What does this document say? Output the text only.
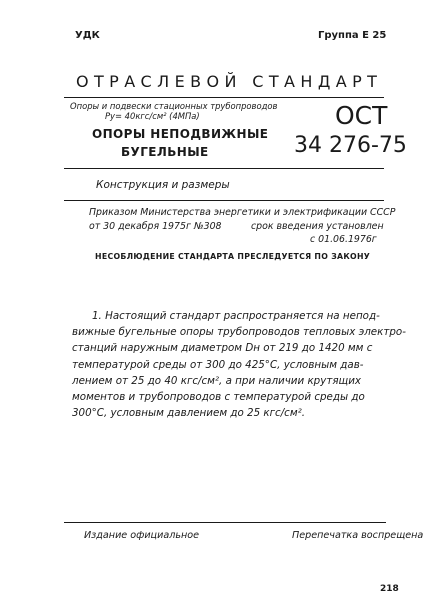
УДК	Группа Е 25
ОТРАСЛЕВОЙ СТАНДАРТ
Опоры и подвески стационных трубопроводов
Ру= 40кгс/см² (4МПа)
ОПОРЫ НЕПОДВИЖНЫЕ
БУГЕЛЬНЫЕ
ОСТ
34 276-75
Конструкция и размеры
Приказом Министерства энергетики и электрификации СССР
от 30 декабря 1975г №308	срок введения установлен
с 01.06.1976г
НЕСОБЛЮДЕНИЕ СТАНДАРТА ПРЕСЛЕДУЕТСЯ ПО ЗАКОНУ
1. Настоящий стандарт распространяется на непод-
вижные бугельные опоры трубопроводов тепловых электро-
станций наружным диаметром Dн от 219 до 1420 мм с
температурой среды от 300 до 425°С, условным дав-
лением от 25 до 40 кгс/см², а при наличии крутящих
моментов и трубопроводов с температурой среды до
300°С, условным давлением до 25 кгс/см².
Издание официальное	Перепечатка воспрещена
218
